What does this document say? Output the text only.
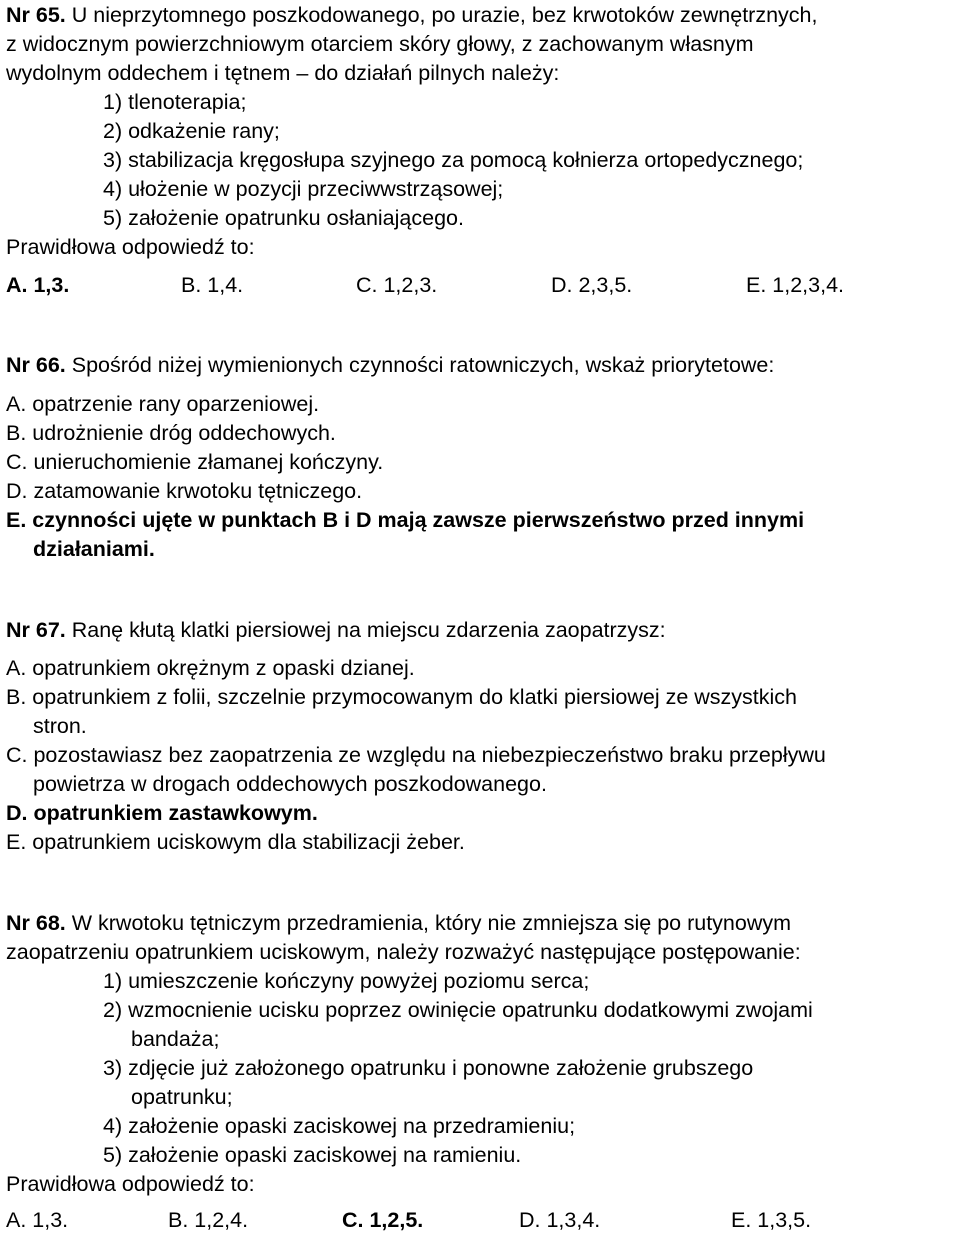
Nr 65. U nieprzytomnego poszkodowanego, po urazie, bez krwotoków zewnętrznych,
z widocznym powierzchniowym otarciem skóry głowy, z zachowanym własnym
wydolnym oddechem i tętnem – do działań pilnych należy:
1) tlenoterapia;
2) odkażenie rany;
3) stabilizacja kręgosłupa szyjnego za pomocą kołnierza ortopedycznego;
4) ułożenie w pozycji przeciwwstrząsowej;
5) założenie opatrunku osłaniającego.
Prawidłowa odpowiedź to:
A. 1,3.	B. 1,4.	C. 1,2,3.	D. 2,3,5.	E. 1,2,3,4.
Nr 66. Spośród niżej wymienionych czynności ratowniczych, wskaż priorytetowe:
A. opatrzenie rany oparzeniowej.
B. udrożnienie dróg oddechowych.
C. unieruchomienie złamanej kończyny.
D. zatamowanie krwotoku tętniczego.
E. czynności ujęte w punktach B i D mają zawsze pierwszeństwo przed innymi
działaniami.
Nr 67. Ranę kłutą klatki piersiowej na miejscu zdarzenia zaopatrzysz:
A. opatrunkiem okrężnym z opaski dzianej.
B. opatrunkiem z folii, szczelnie przymocowanym do klatki piersiowej ze wszystkich
stron.
C. pozostawiasz bez zaopatrzenia ze względu na niebezpieczeństwo braku przepływu
powietrza w drogach oddechowych poszkodowanego.
D. opatrunkiem zastawkowym.
E. opatrunkiem uciskowym dla stabilizacji żeber.
Nr 68. W krwotoku tętniczym przedramienia, który nie zmniejsza się po rutynowym
zaopatrzeniu opatrunkiem uciskowym, należy rozważyć następujące postępowanie:
1) umieszczenie kończyny powyżej poziomu serca;
2) wzmocnienie ucisku poprzez owinięcie opatrunku dodatkowymi zwojami
bandaża;
3) zdjęcie już założonego opatrunku i ponowne założenie grubszego
opatrunku;
4) założenie opaski zaciskowej na przedramieniu;
5) założenie opaski zaciskowej na ramieniu.
Prawidłowa odpowiedź to:
A. 1,3.	B. 1,2,4.	C. 1,2,5.	D. 1,3,4.	E. 1,3,5.
